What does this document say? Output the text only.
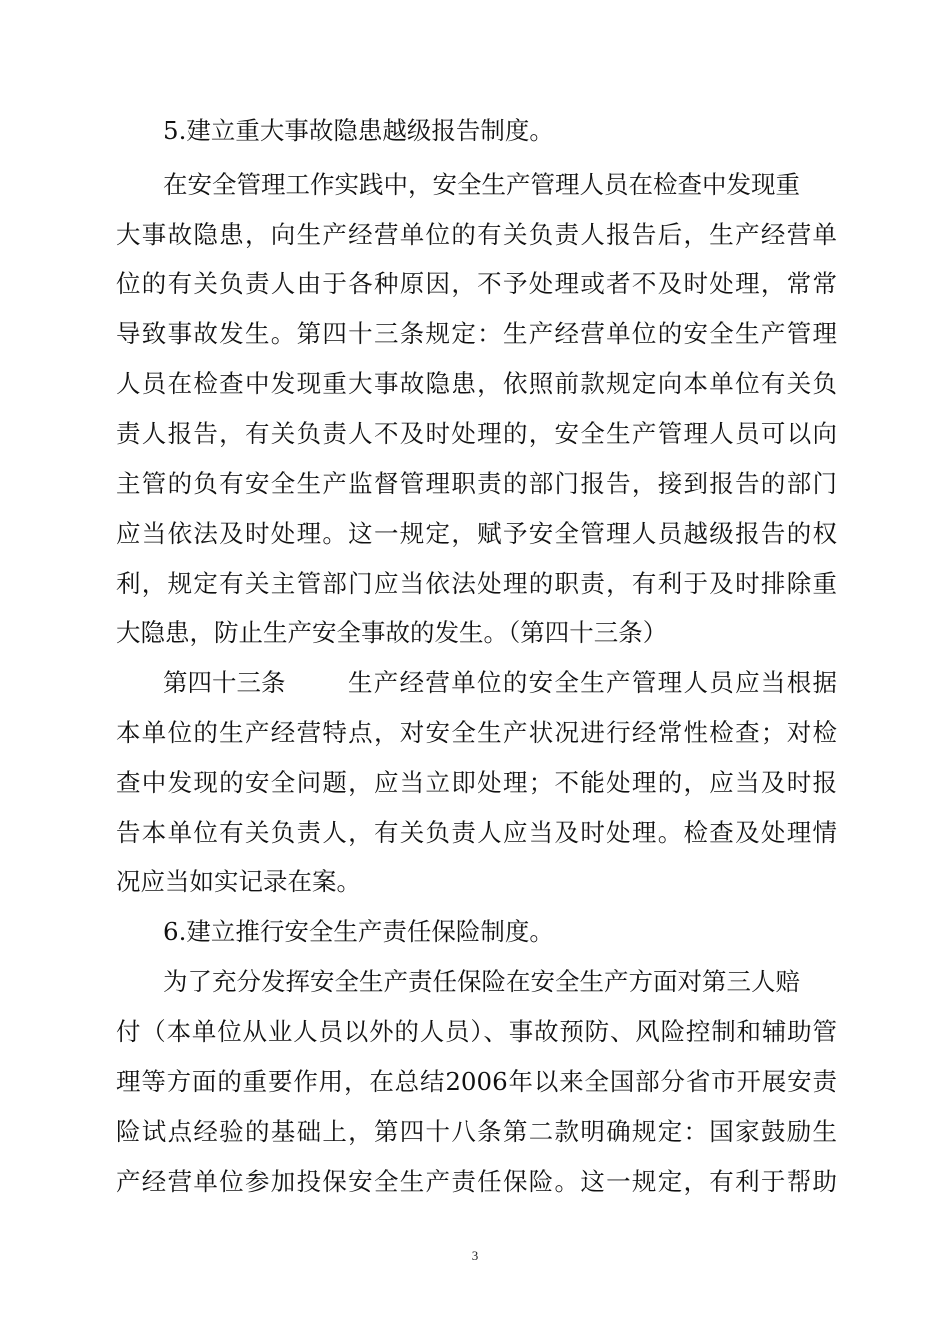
5.建立重大事故隐患越级报告制度。
在安全管理工作实践中，安全生产管理人员在检查中发现重
大事故隐患，向生产经营单位的有关负责人报告后，生产经营单
位的有关负责人由于各种原因，不予处理或者不及时处理，常常
导致事故发生。第四十三条规定：生产经营单位的安全生产管理
人员在检查中发现重大事故隐患，依照前款规定向本单位有关负
责人报告，有关负责人不及时处理的，安全生产管理人员可以向
主管的负有安全生产监督管理职责的部门报告，接到报告的部门
应当依法及时处理。这一规定，赋予安全管理人员越级报告的权
利，规定有关主管部门应当依法处理的职责，有利于及时排除重
大隐患，防止生产安全事故的发生。（第四十三条）
第四十三条	生产经营单位的安全生产管理人员应当根据
本单位的生产经营特点，对安全生产状况进行经常性检查；对检
查中发现的安全问题，应当立即处理；不能处理的，应当及时报
告本单位有关负责人，有关负责人应当及时处理。检查及处理情
况应当如实记录在案。
6.建立推行安全生产责任保险制度。
为了充分发挥安全生产责任保险在安全生产方面对第三人赔
付（本单位从业人员以外的人员）、事故预防、风险控制和辅助管
理等方面的重要作用，在总结2006年以来全国部分省市开展安责
险试点经验的基础上，第四十八条第二款明确规定：国家鼓励生
产经营单位参加投保安全生产责任保险。这一规定，有利于帮助
3
